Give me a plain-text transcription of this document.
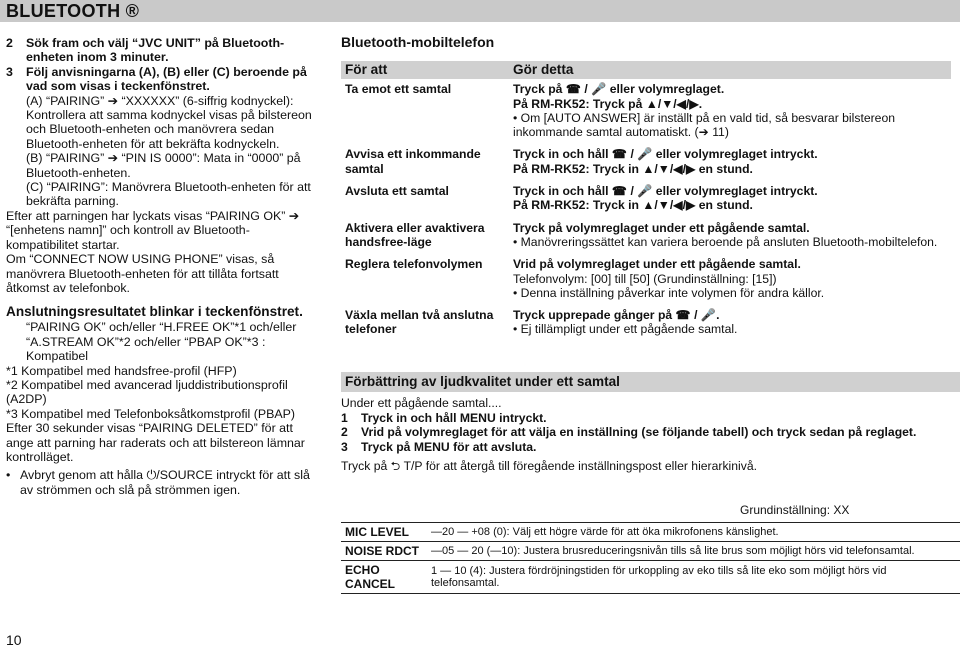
BLUETOOTH ®

2	Sök fram och välj “JVC UNIT” på Bluetooth-enheten inom 3 minuter.

3	Följ anvisningarna (A), (B) eller (C) beroende på vad som visas i teckenfönstret.

(A) “PAIRING” ➔ “XXXXXX” (6-siffrig kodnyckel): Kontrollera att samma kodnyckel visas på bilstereon och Bluetooth-enheten och manövrera sedan Bluetooth-enheten för att bekräfta kodnyckeln.

(B) “PAIRING” ➔ “PIN IS 0000”: Mata in “0000” på Bluetooth-enheten.

(C) “PAIRING”: Manövrera Bluetooth-enheten för att bekräfta parning.

Efter att parningen har lyckats visas “PAIRING OK” ➔ “[enhetens namn]” och kontroll av Bluetooth-kompatibilitet startar.

Om “CONNECT NOW USING PHONE” visas, så manövrera Bluetooth-enheten för att tillåta fortsatt åtkomst av telefonbok.

Anslutningsresultatet blinkar i teckenfönstret.

“PAIRING OK” och/eller “H.FREE OK”*1 och/eller “A.STREAM OK”*2 och/eller “PBAP OK”*3 : Kompatibel

*1 Kompatibel med handsfree-profil (HFP)

*2 Kompatibel med avancerad ljuddistributionsprofil (A2DP)

*3 Kompatibel med Telefonboksåtkomstprofil (PBAP)

Efter 30 sekunder visas “PAIRING DELETED” för att ange att parning har raderats och att bilstereon lämnar kontrolläget.

• Avbryt genom att hålla ⏻/SOURCE intryckt för att slå av strömmen och slå på strömmen igen.

Bluetooth-mobiltelefon
För att	Gör detta
Ta emot ett samtal	Tryck på ☎ / 🎤 eller volymreglaget.
På RM-RK52: Tryck på ▲/▼/◀/▶.
• Om [AUTO ANSWER] är inställt på en vald tid, så besvarar bilstereon inkommande samtal automatiskt. (➔ 11)

Avvisa ett inkommande samtal	Tryck in och håll ☎ / 🎤 eller volymreglaget intryckt.
På RM-RK52: Tryck in ▲/▼/◀/▶ en stund.

Avsluta ett samtal	Tryck in och håll ☎ / 🎤 eller volymreglaget intryckt.
På RM-RK52: Tryck in ▲/▼/◀/▶ en stund.

Aktivera eller avaktivera handsfree-läge	Tryck på volymreglaget under ett pågående samtal.
• Manövreringssättet kan variera beroende på ansluten Bluetooth-mobiltelefon.

Reglera telefonvolymen	Vrid på volymreglaget under ett pågående samtal.
Telefonvolym: [00] till [50] (Grundinställning: [15])
• Denna inställning påverkar inte volymen för andra källor.

Växla mellan två anslutna telefoner	Tryck upprepade gånger på ☎ / 🎤.
• Ej tillämpligt under ett pågående samtal.
Förbättring av ljudkvalitet under ett samtal

Under ett pågående samtal....

1	Tryck in och håll MENU intryckt.

2	Vrid på volymreglaget för att välja en inställning (se följande tabell) och tryck sedan på reglaget.

3	Tryck på MENU för att avsluta.

Tryck på ⮌ T/P för att återgå till föregående inställningspost eller hierarkinivå.

Grundinställning: XX
MIC LEVEL	—20 — +08 (0): Välj ett högre värde för att öka mikrofonens känslighet.
NOISE RDCT	—05 — 20 (—10): Justera brusreduceringsnivån tills så lite brus som möjligt hörs vid telefonsamtal.
ECHO CANCEL	1 — 10 (4): Justera fördröjningstiden för urkoppling av eko tills så lite eko som möjligt hörs vid telefonsamtal.
10
